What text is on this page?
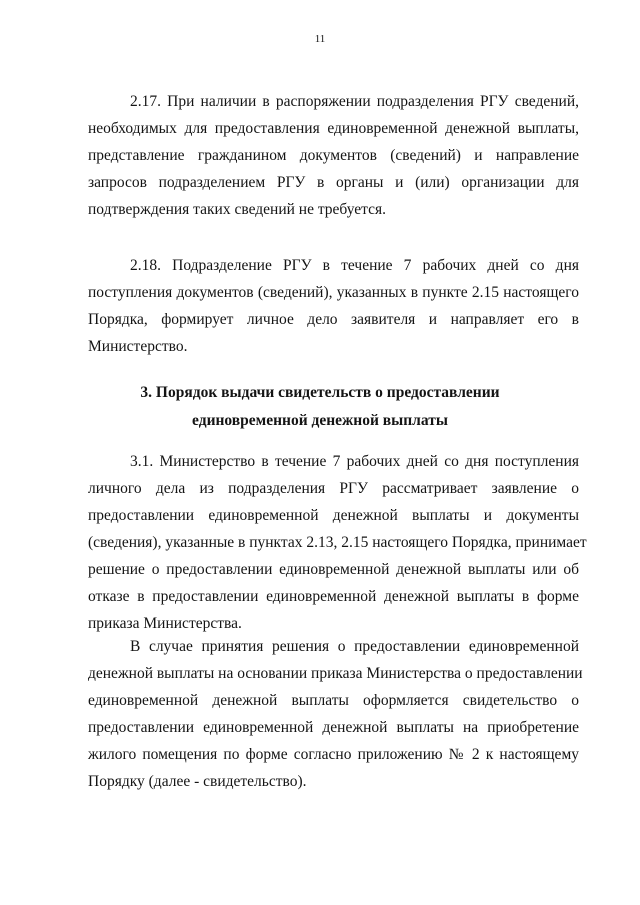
11
2.17. При наличии в распоряжении подразделения РГУ сведений,
необходимых для предоставления единовременной денежной выплаты,
представление гражданином документов (сведений) и направление
запросов подразделением РГУ в органы и (или) организации для
подтверждения таких сведений не требуется.
2.18. Подразделение РГУ в течение 7 рабочих дней со дня
поступления документов (сведений), указанных в пункте 2.15 настоящего
Порядка, формирует личное дело заявителя и направляет его в
Министерство.
3. Порядок выдачи свидетельств о предоставлении
единовременной денежной выплаты
3.1. Министерство в течение 7 рабочих дней со дня поступления
личного дела из подразделения РГУ рассматривает заявление о
предоставлении единовременной денежной выплаты и документы
(сведения), указанные в пунктах 2.13, 2.15 настоящего Порядка, принимает
решение о предоставлении единовременной денежной выплаты или об
отказе в предоставлении единовременной денежной выплаты в форме
приказа Министерства.
В случае принятия решения о предоставлении единовременной
денежной выплаты на основании приказа Министерства о предоставлении
единовременной денежной выплаты оформляется свидетельство о
предоставлении единовременной денежной выплаты на приобретение
жилого помещения по форме согласно приложению № 2 к настоящему
Порядку (далее - свидетельство).
